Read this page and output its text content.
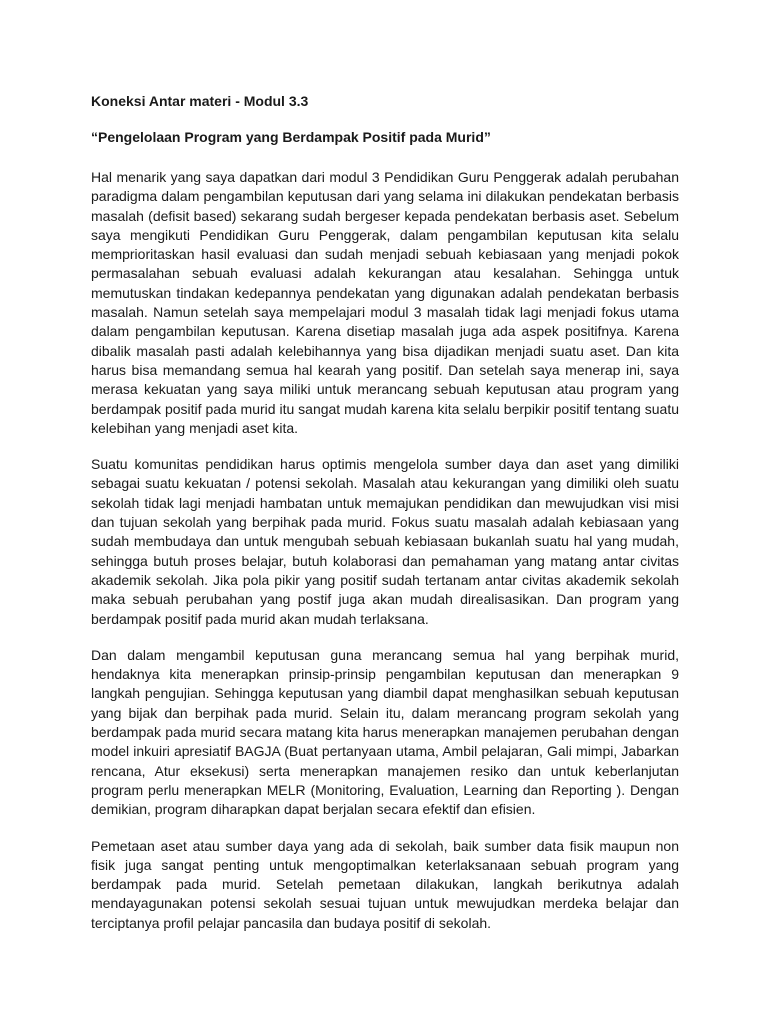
Koneksi Antar materi - Modul 3.3

“Pengelolaan Program yang Berdampak Positif pada Murid”

Hal menarik yang saya dapatkan dari modul 3 Pendidikan Guru Penggerak adalah perubahan paradigma dalam pengambilan keputusan dari yang selama ini dilakukan pendekatan berbasis masalah (defisit based) sekarang sudah bergeser kepada pendekatan berbasis aset. Sebelum saya mengikuti Pendidikan Guru Penggerak, dalam pengambilan keputusan kita selalu memprioritaskan hasil evaluasi dan sudah menjadi sebuah kebiasaan yang menjadi pokok permasalahan sebuah evaluasi adalah kekurangan atau kesalahan. Sehingga untuk memutuskan tindakan kedepannya pendekatan yang digunakan adalah pendekatan berbasis masalah. Namun setelah saya mempelajari modul 3 masalah tidak lagi menjadi fokus utama dalam pengambilan keputusan. Karena disetiap masalah juga ada aspek positifnya. Karena dibalik masalah pasti adalah kelebihannya yang bisa dijadikan menjadi suatu aset. Dan kita harus bisa memandang semua hal kearah yang positif. Dan setelah saya menerap ini, saya merasa kekuatan yang saya miliki untuk merancang sebuah keputusan atau program yang berdampak positif pada murid itu sangat mudah karena kita selalu berpikir positif tentang suatu kelebihan yang menjadi aset kita.

Suatu komunitas pendidikan harus optimis mengelola sumber daya dan aset yang dimiliki sebagai suatu kekuatan / potensi sekolah. Masalah atau kekurangan yang dimiliki oleh suatu sekolah tidak lagi menjadi hambatan untuk memajukan pendidikan dan mewujudkan visi misi dan tujuan sekolah yang berpihak pada murid. Fokus suatu masalah adalah kebiasaan yang sudah membudaya dan untuk mengubah sebuah kebiasaan bukanlah suatu hal yang mudah, sehingga butuh proses belajar, butuh kolaborasi dan pemahaman yang matang antar civitas akademik sekolah. Jika pola pikir yang positif sudah tertanam antar civitas akademik sekolah maka sebuah perubahan yang postif juga akan mudah direalisasikan. Dan program yang berdampak positif pada murid akan mudah terlaksana.

Dan dalam mengambil keputusan guna merancang semua hal yang berpihak murid, hendaknya kita menerapkan prinsip-prinsip pengambilan keputusan dan menerapkan 9 langkah pengujian. Sehingga keputusan yang diambil dapat menghasilkan sebuah keputusan yang bijak dan berpihak pada murid. Selain itu, dalam merancang program sekolah yang berdampak pada murid secara matang kita harus menerapkan manajemen perubahan dengan model inkuiri apresiatif BAGJA (Buat pertanyaan utama, Ambil pelajaran, Gali mimpi, Jabarkan rencana, Atur eksekusi) serta menerapkan manajemen resiko dan untuk keberlanjutan program perlu menerapkan MELR (Monitoring, Evaluation, Learning dan Reporting ). Dengan demikian, program diharapkan dapat berjalan secara efektif dan efisien.

Pemetaan aset atau sumber daya yang ada di sekolah, baik sumber data fisik maupun non fisik juga sangat penting untuk mengoptimalkan keterlaksanaan sebuah program yang berdampak pada murid. Setelah pemetaan dilakukan, langkah berikutnya adalah mendayagunakan potensi sekolah sesuai tujuan untuk mewujudkan merdeka belajar dan terciptanya profil pelajar pancasila dan budaya positif di sekolah.
